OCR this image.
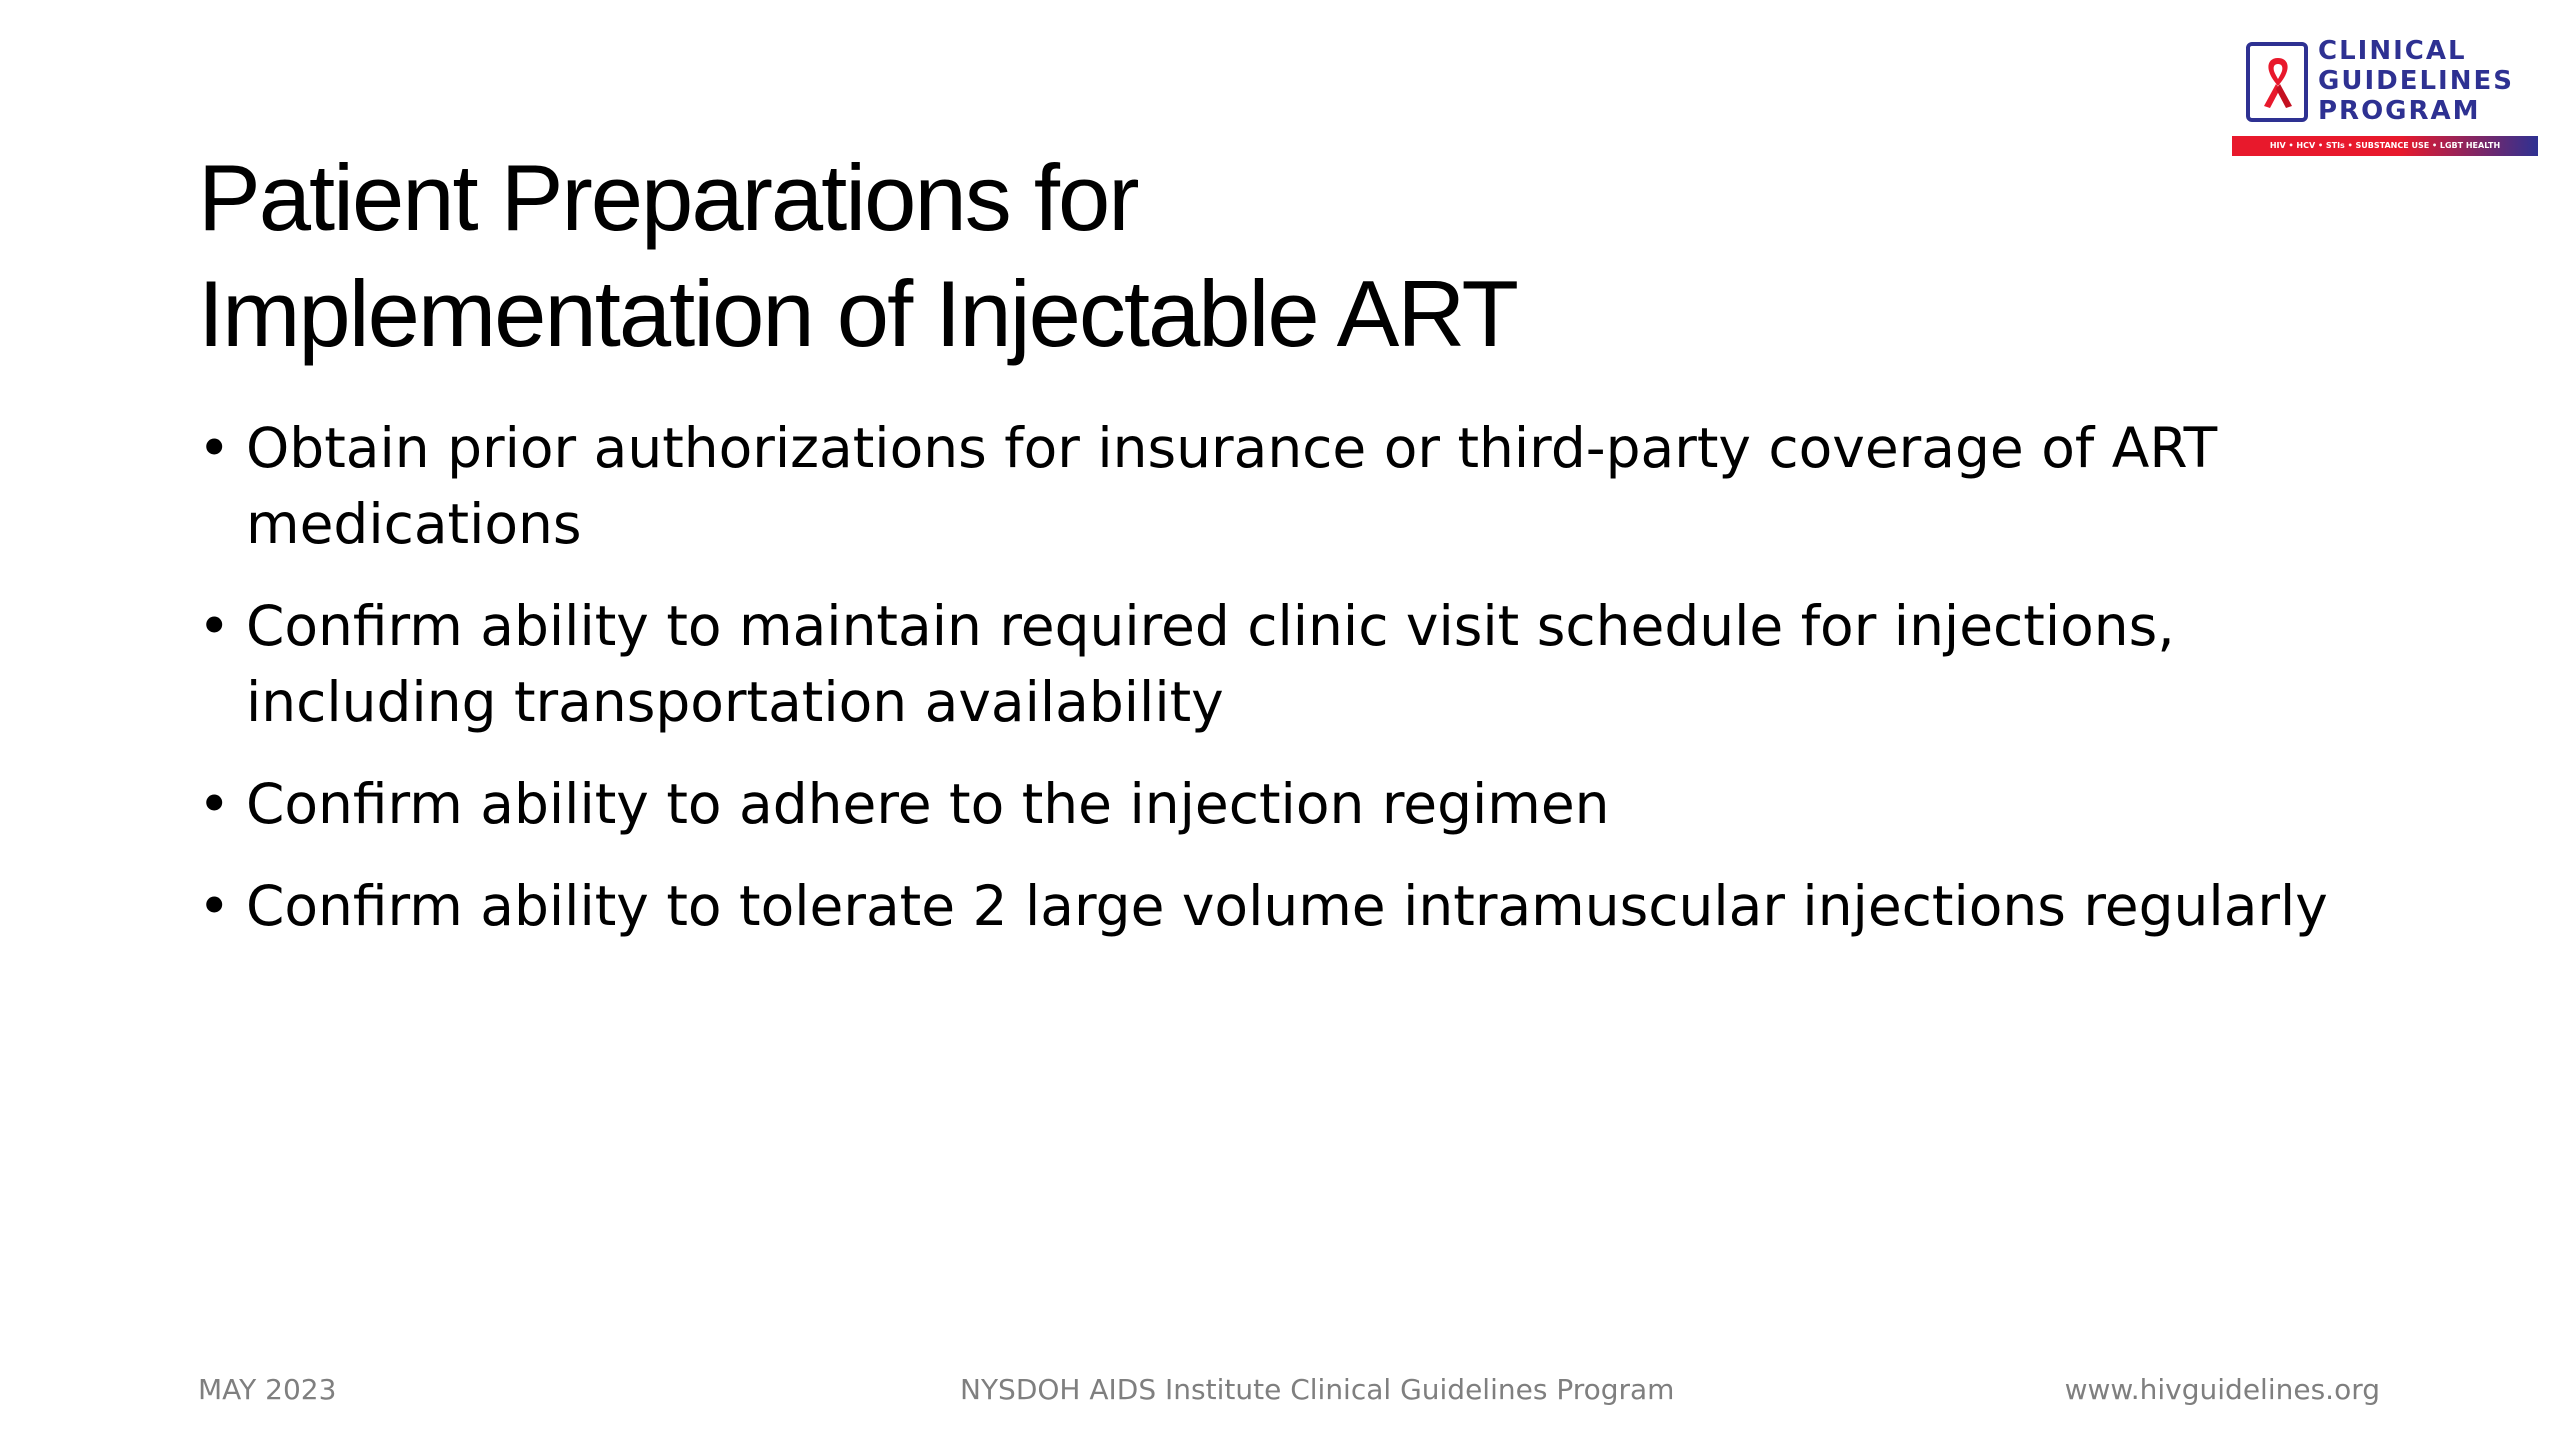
CLINICAL
GUIDELINES
PROGRAM
HIV • HCV • STIs • SUBSTANCE USE • LGBT HEALTH
Patient Preparations for
Implementation of Injectable ART
• Obtain prior authorizations for insurance or third-party coverage of ART medications
• Confirm ability to maintain required clinic visit schedule for injections, including transportation availability
• Confirm ability to adhere to the injection regimen
• Confirm ability to tolerate 2 large volume intramuscular injections regularly
MAY 2023	NYSDOH AIDS Institute Clinical Guidelines Program	www.hivguidelines.org
